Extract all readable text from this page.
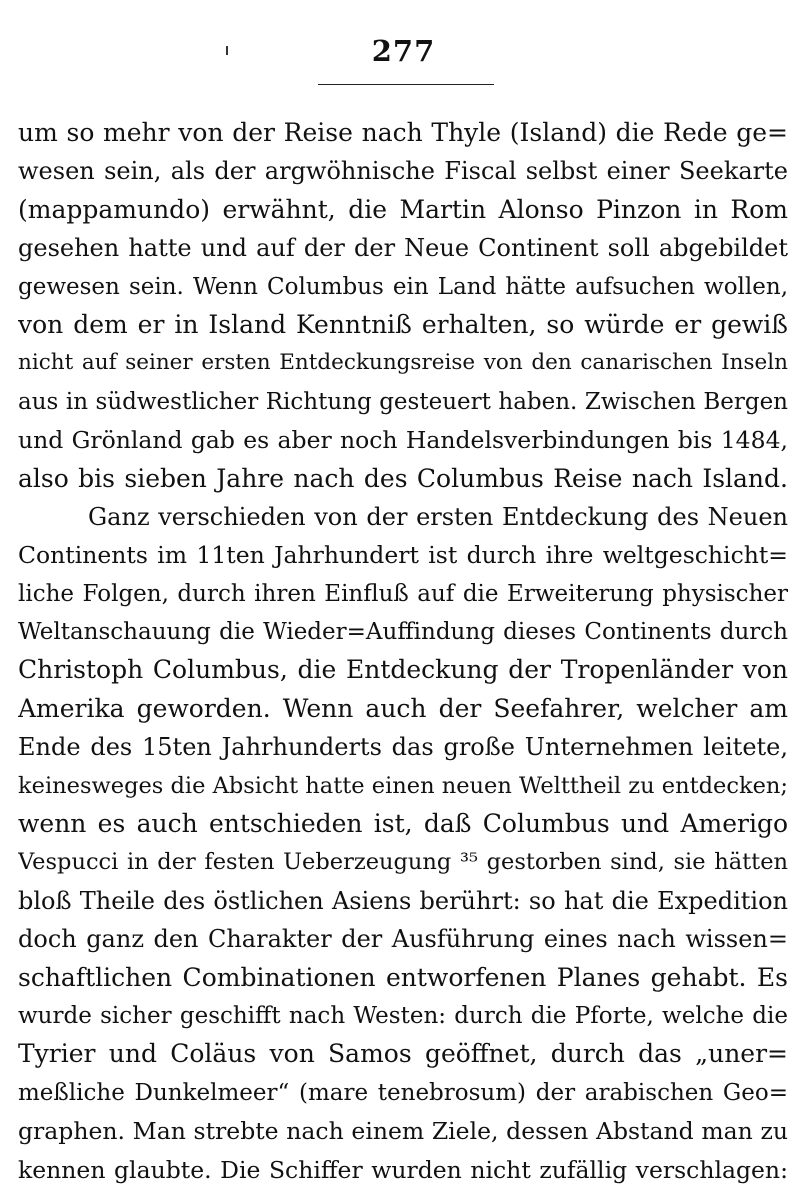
277
um so mehr von der Reise nach Thyle (Island) die Rede ge=
wesen sein, als der argwöhnische Fiscal selbst einer Seekarte
(mappamundo) erwähnt, die Martin Alonso Pinzon in Rom
gesehen hatte und auf der der Neue Continent soll abgebildet
gewesen sein. Wenn Columbus ein Land hätte aufsuchen wollen,
von dem er in Island Kenntniß erhalten, so würde er gewiß
nicht auf seiner ersten Entdeckungsreise von den canarischen Inseln
aus in südwestlicher Richtung gesteuert haben. Zwischen Bergen
und Grönland gab es aber noch Handelsverbindungen bis 1484,
also bis sieben Jahre nach des Columbus Reise nach Island.
Ganz verschieden von der ersten Entdeckung des Neuen
Continents im 11ten Jahrhundert ist durch ihre weltgeschicht=
liche Folgen, durch ihren Einfluß auf die Erweiterung physischer
Weltanschauung die Wieder=Auffindung dieses Continents durch
Christoph Columbus, die Entdeckung der Tropenländer von
Amerika geworden. Wenn auch der Seefahrer, welcher am
Ende des 15ten Jahrhunderts das große Unternehmen leitete,
keinesweges die Absicht hatte einen neuen Welttheil zu entdecken;
wenn es auch entschieden ist, daß Columbus und Amerigo
Vespucci in der festen Ueberzeugung ³⁵ gestorben sind, sie hätten
bloß Theile des östlichen Asiens berührt: so hat die Expedition
doch ganz den Charakter der Ausführung eines nach wissen=
schaftlichen Combinationen entworfenen Planes gehabt. Es
wurde sicher geschifft nach Westen: durch die Pforte, welche die
Tyrier und Coläus von Samos geöffnet, durch das „uner=
meßliche Dunkelmeer“ (mare tenebrosum) der arabischen Geo=
graphen. Man strebte nach einem Ziele, dessen Abstand man zu
kennen glaubte. Die Schiffer wurden nicht zufällig verschlagen:
